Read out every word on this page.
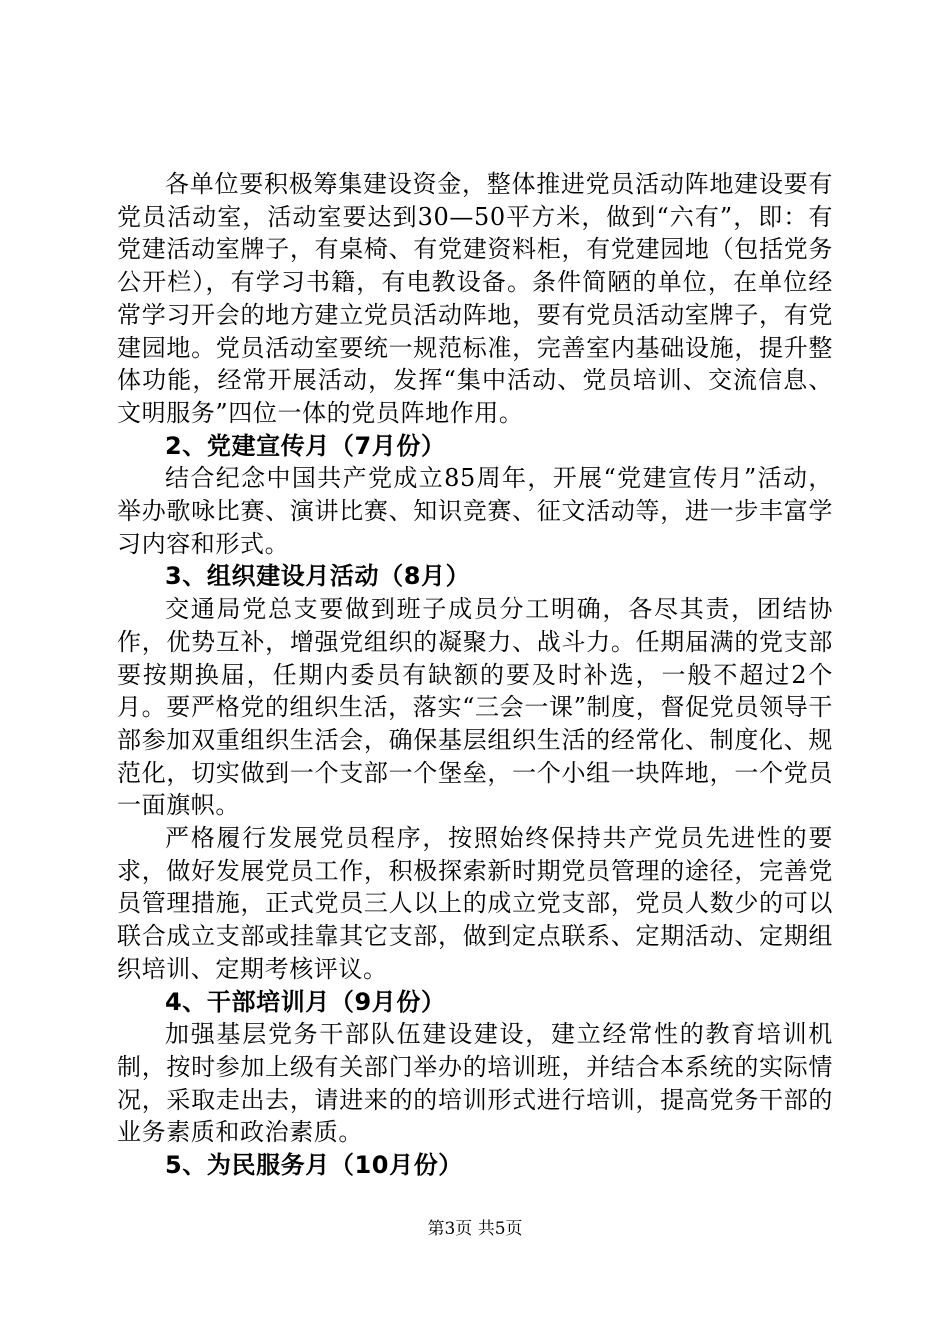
各单位要积极筹集建设资金，整体推进党员活动阵地建设要有党员活动室，活动室要达到30—50平方米，做到“六有”，即：有党建活动室牌子，有桌椅、有党建资料柜，有党建园地（包括党务公开栏），有学习书籍，有电教设备。条件简陋的单位，在单位经常学习开会的地方建立党员活动阵地，要有党员活动室牌子，有党建园地。党员活动室要统一规范标准，完善室内基础设施，提升整体功能，经常开展活动，发挥“集中活动、党员培训、交流信息、文明服务”四位一体的党员阵地作用。

2、党建宣传月（7月份）

结合纪念中国共产党成立85周年，开展“党建宣传月”活动，举办歌咏比赛、演讲比赛、知识竞赛、征文活动等，进一步丰富学习内容和形式。

3、组织建设月活动（8月）

交通局党总支要做到班子成员分工明确，各尽其责，团结协作，优势互补，增强党组织的凝聚力、战斗力。任期届满的党支部要按期换届，任期内委员有缺额的要及时补选，一般不超过2个月。要严格党的组织生活，落实“三会一课”制度，督促党员领导干部参加双重组织生活会，确保基层组织生活的经常化、制度化、规范化，切实做到一个支部一个堡垒，一个小组一块阵地，一个党员一面旗帜。

严格履行发展党员程序，按照始终保持共产党员先进性的要求，做好发展党员工作，积极探索新时期党员管理的途径，完善党员管理措施，正式党员三人以上的成立党支部，党员人数少的可以联合成立支部或挂靠其它支部，做到定点联系、定期活动、定期组织培训、定期考核评议。

4、干部培训月（9月份）

加强基层党务干部队伍建设建设，建立经常性的教育培训机制，按时参加上级有关部门举办的培训班，并结合本系统的实际情况，采取走出去，请进来的的培训形式进行培训，提高党务干部的业务素质和政治素质。

5、为民服务月（10月份）

第3页 共5页
